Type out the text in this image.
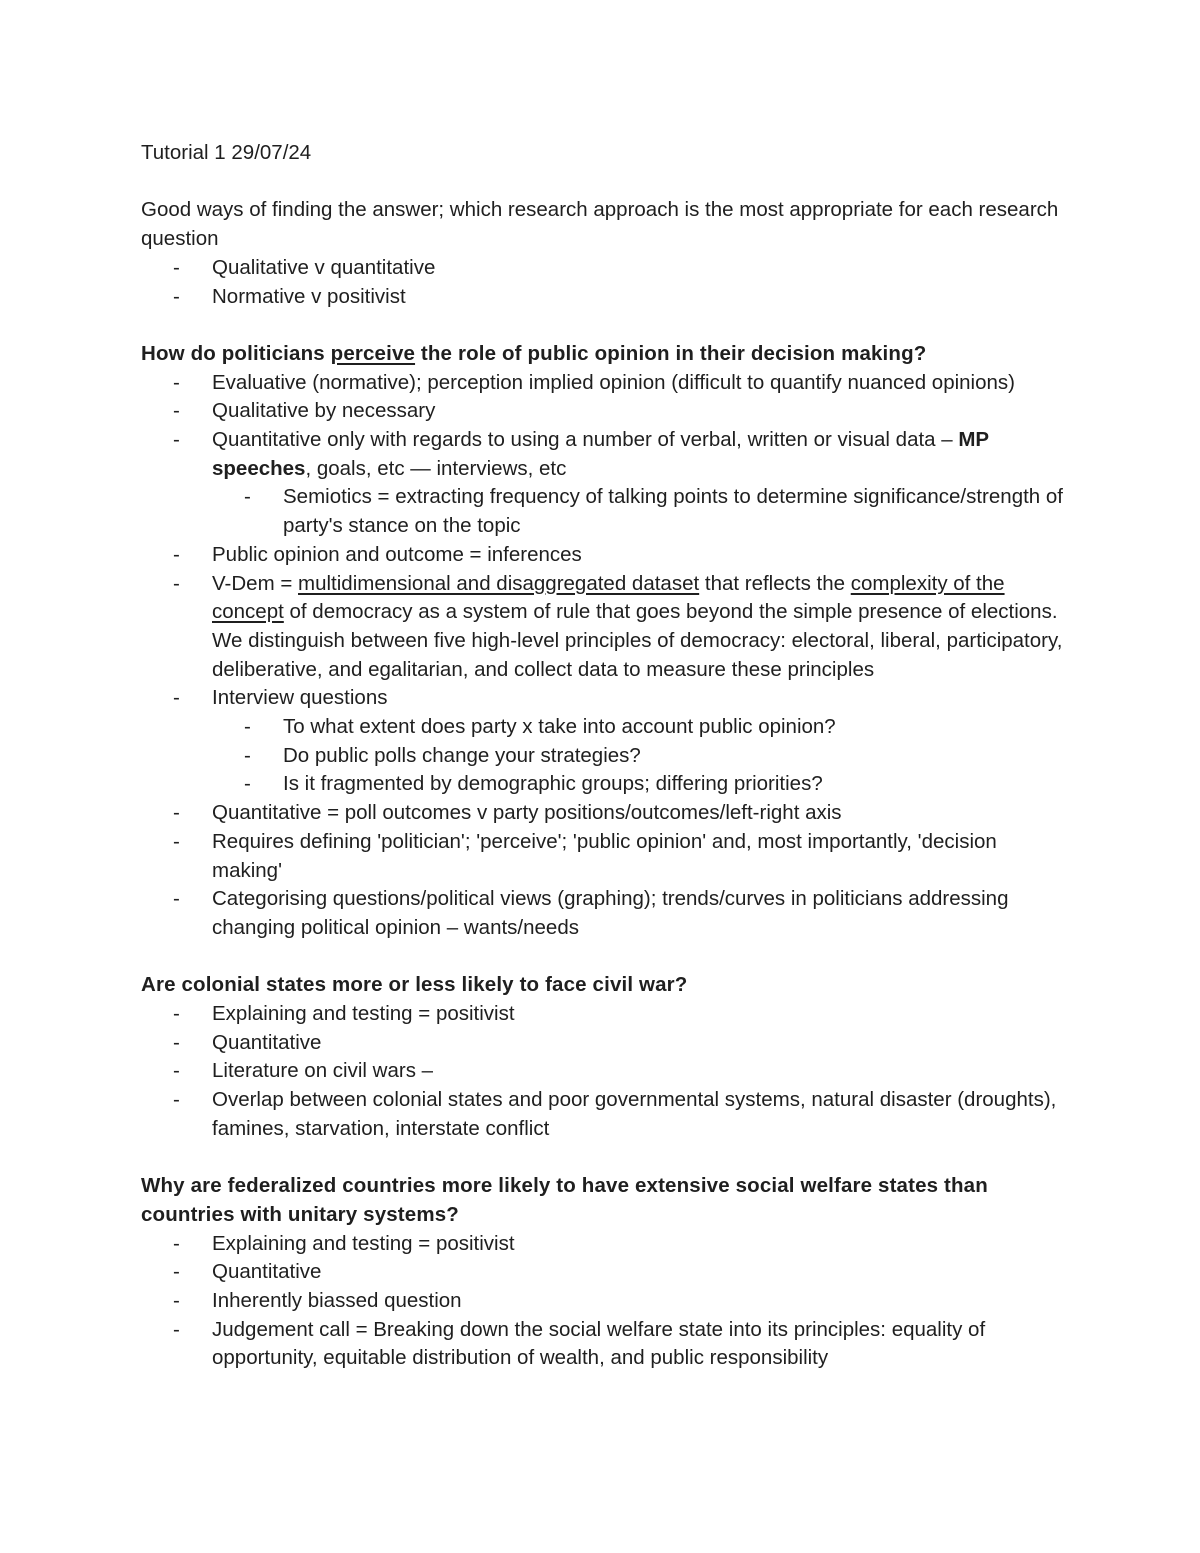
Tutorial 1 29/07/24

Good ways of finding the answer; which research approach is the most appropriate for each research question

- Qualitative v quantitative
- Normative v positivist

How do politicians perceive the role of public opinion in their decision making?

- Evaluative (normative); perception implied opinion (difficult to quantify nuanced opinions)
- Qualitative by necessary
- Quantitative only with regards to using a number of verbal, written or visual data – MP speeches, goals, etc — interviews, etc
- Semiotics = extracting frequency of talking points to determine significance/strength of party's stance on the topic
- Public opinion and outcome = inferences
- V-Dem = multidimensional and disaggregated dataset that reflects the complexity of the concept of democracy as a system of rule that goes beyond the simple presence of elections. We distinguish between five high-level principles of democracy: electoral, liberal, participatory, deliberative, and egalitarian, and collect data to measure these principles
- Interview questions
- To what extent does party x take into account public opinion?
- Do public polls change your strategies?
- Is it fragmented by demographic groups; differing priorities?
- Quantitative = poll outcomes v party positions/outcomes/left-right axis
- Requires defining 'politician'; 'perceive'; 'public opinion' and, most importantly, 'decision making'
- Categorising questions/political views (graphing); trends/curves in politicians addressing changing political opinion – wants/needs

Are colonial states more or less likely to face civil war?

- Explaining and testing = positivist
- Quantitative
- Literature on civil wars –
- Overlap between colonial states and poor governmental systems, natural disaster (droughts), famines, starvation, interstate conflict

Why are federalized countries more likely to have extensive social welfare states than countries with unitary systems?

- Explaining and testing = positivist
- Quantitative
- Inherently biassed question
- Judgement call = Breaking down the social welfare state into its principles: equality of opportunity, equitable distribution of wealth, and public responsibility
